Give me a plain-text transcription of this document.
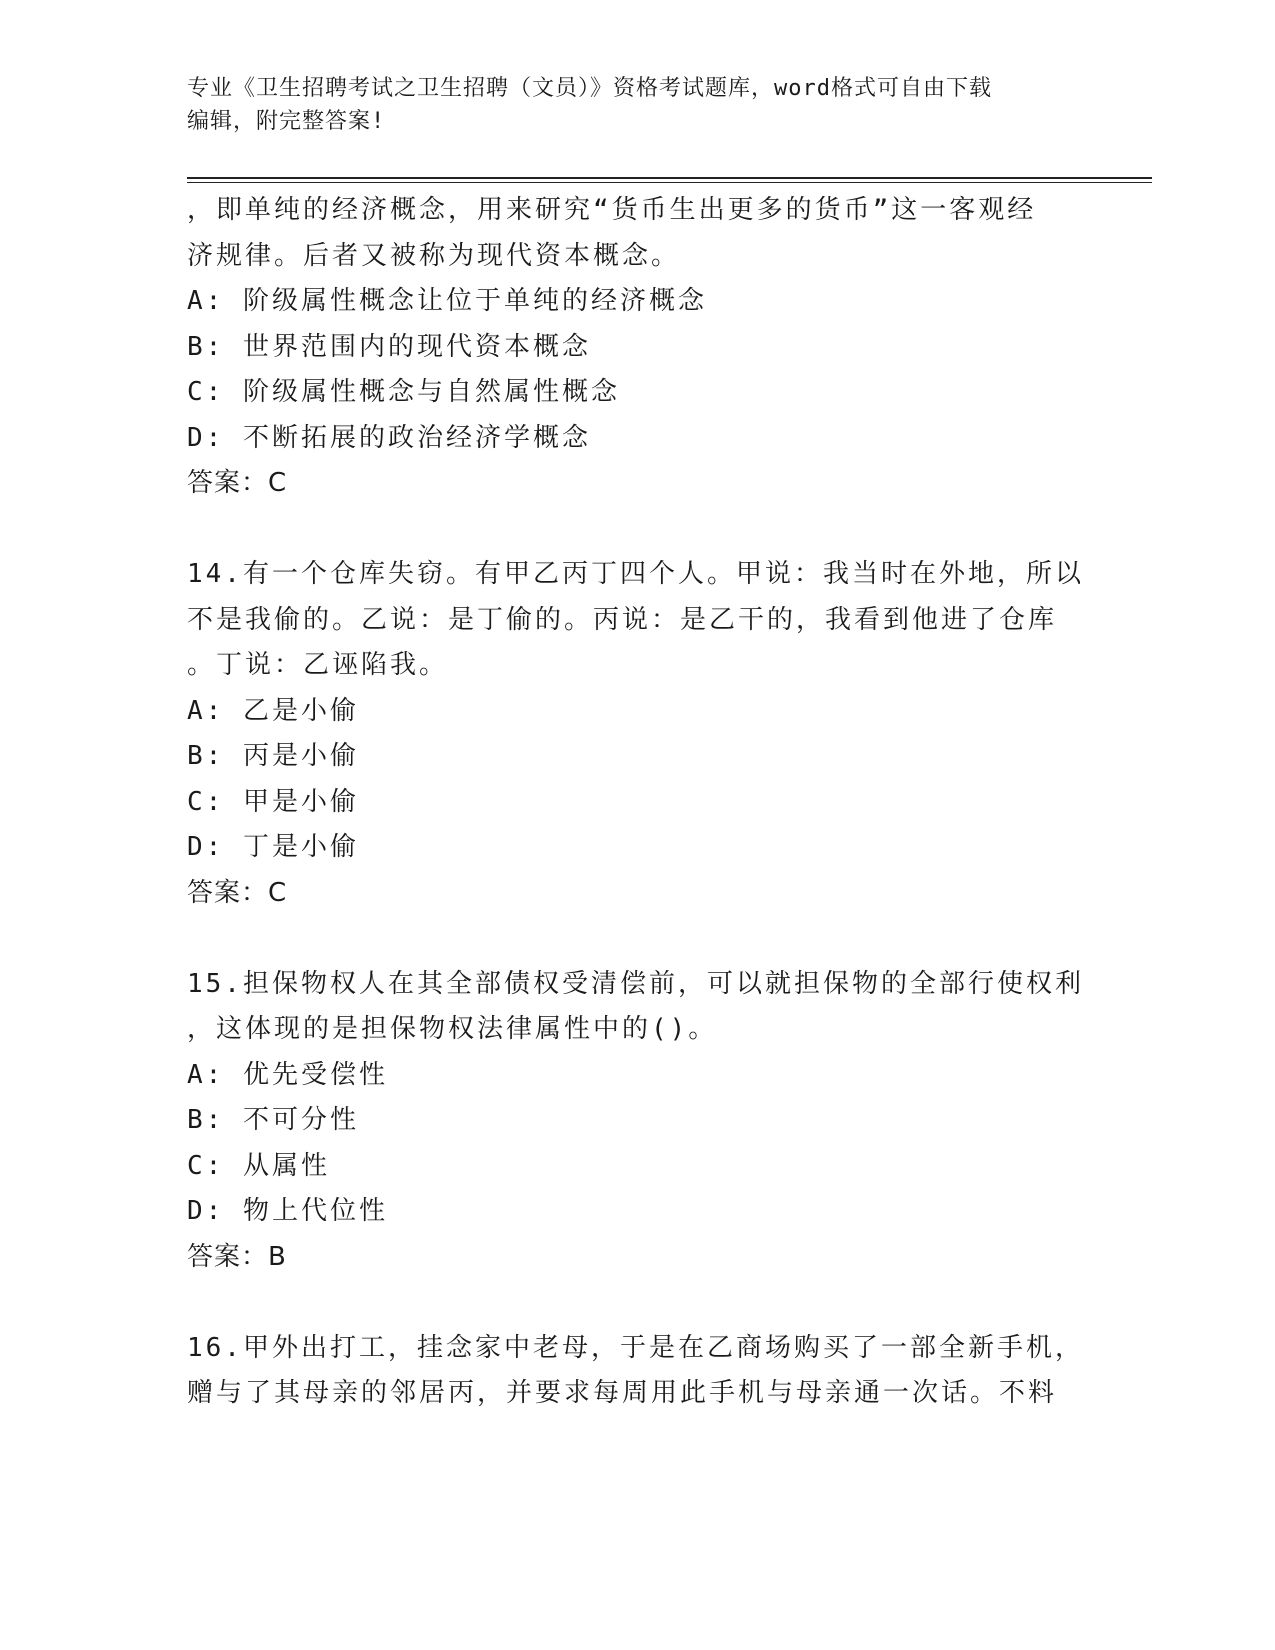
专业《卫生招聘考试之卫生招聘（文员）》资格考试题库，word格式可自由下载
编辑，附完整答案!
，即单纯的经济概念，用来研究“货币生出更多的货币”这一客观经
济规律。后者又被称为现代资本概念。
A: 阶级属性概念让位于单纯的经济概念
B: 世界范围内的现代资本概念
C: 阶级属性概念与自然属性概念
D: 不断拓展的政治经济学概念
答案：C
14.有一个仓库失窃。有甲乙丙丁四个人。甲说：我当时在外地，所以
不是我偷的。乙说：是丁偷的。丙说：是乙干的，我看到他进了仓库
。丁说：乙诬陷我。
A: 乙是小偷
B: 丙是小偷
C: 甲是小偷
D: 丁是小偷
答案：C
15.担保物权人在其全部债权受清偿前，可以就担保物的全部行使权利
，这体现的是担保物权法律属性中的()。
A: 优先受偿性
B: 不可分性
C: 从属性
D: 物上代位性
答案：B
16.甲外出打工，挂念家中老母，于是在乙商场购买了一部全新手机，
赠与了其母亲的邻居丙，并要求每周用此手机与母亲通一次话。不料
